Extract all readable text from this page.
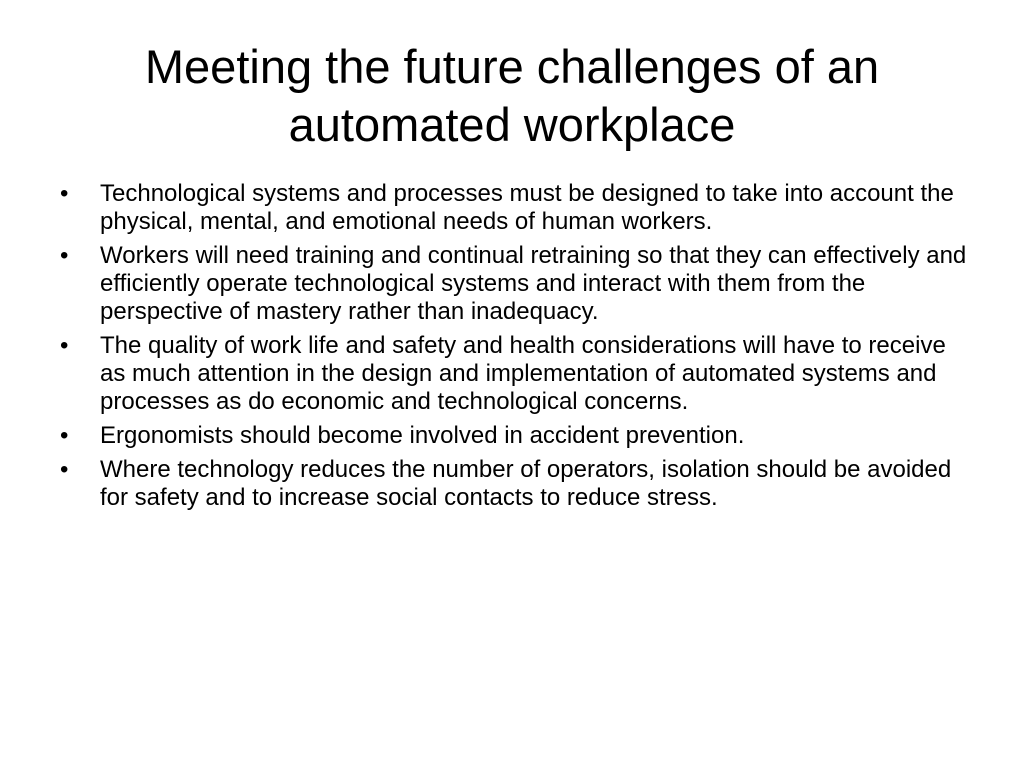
Meeting the future challenges of an automated workplace
•	Technological systems and processes must be designed to take into account the physical, mental, and emotional needs of human workers.
•	Workers will need training and continual retraining so that they can effectively and efficiently operate technological systems and interact with them from the perspective of mastery rather than inadequacy.
•	The quality of work life and safety and health considerations will have to receive as much attention in the design and implementation of automated systems and processes as do economic and technological concerns.
•	Ergonomists should become involved in accident prevention.
•	Where technology reduces the number of operators, isolation should be avoided for safety and to increase social contacts to reduce stress.
